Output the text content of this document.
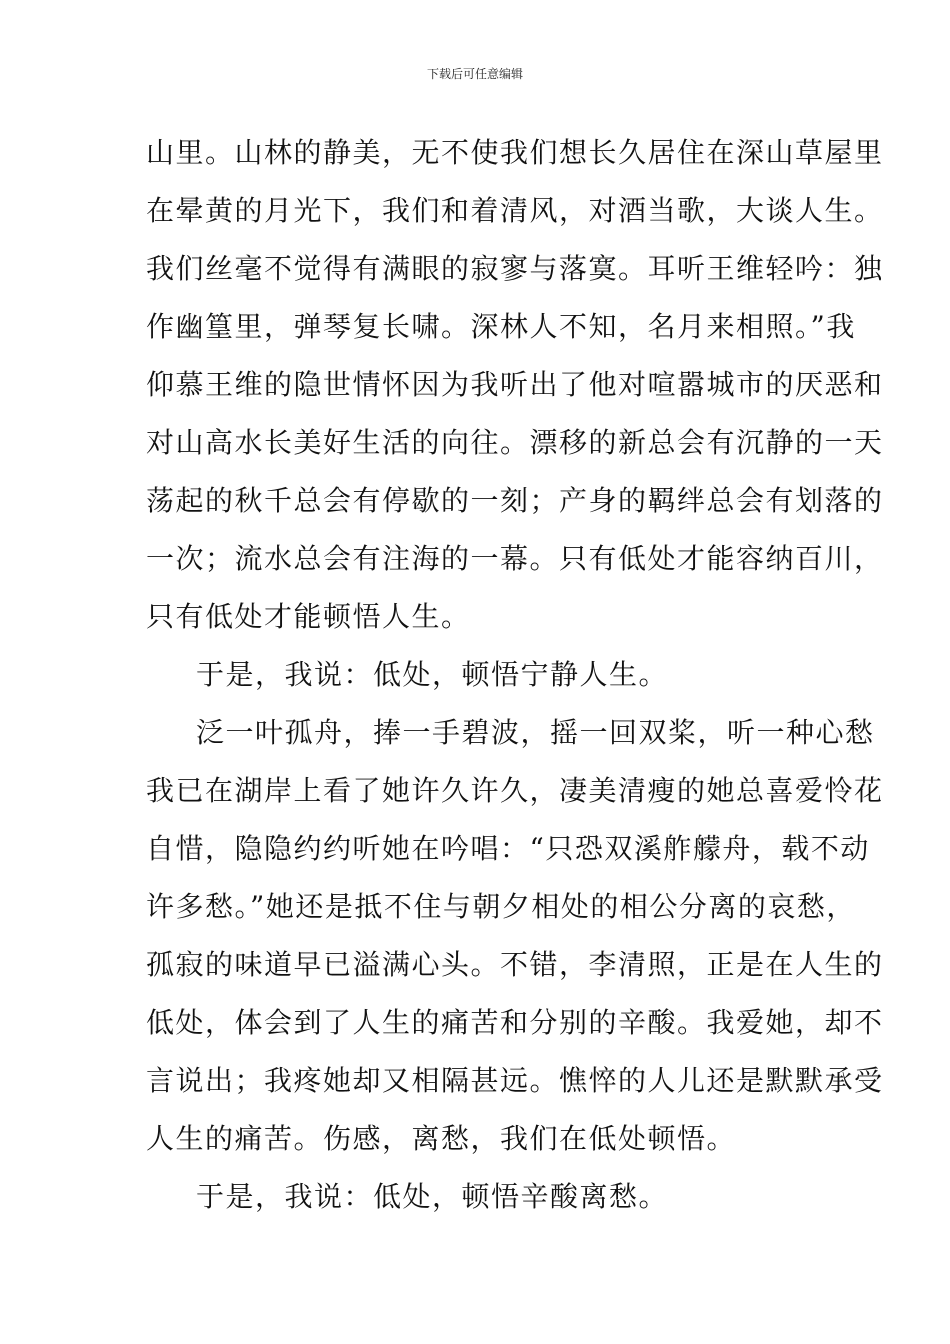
下载后可任意编辑
山里。山林的静美，无不使我们想长久居住在深山草屋里
在晕黄的月光下，我们和着清风，对酒当歌，大谈人生。
我们丝毫不觉得有满眼的寂寥与落寞。耳听王维轻吟：独
作幽篁里，弹琴复长啸。深林人不知，名月来相照。”我
仰慕王维的隐世情怀因为我听出了他对喧嚣城市的厌恶和
对山高水长美好生活的向往。漂移的新总会有沉静的一天
荡起的秋千总会有停歇的一刻；产身的羁绊总会有划落的
一次；流水总会有注海的一幕。只有低处才能容纳百川，
只有低处才能顿悟人生。
于是，我说：低处，顿悟宁静人生。
泛一叶孤舟，捧一手碧波，摇一回双桨，听一种心愁
我已在湖岸上看了她许久许久，凄美清瘦的她总喜爱怜花
自惜，隐隐约约听她在吟唱：“只恐双溪舴艨舟，载不动
许多愁。”她还是抵不住与朝夕相处的相公分离的哀愁，
孤寂的味道早已溢满心头。不错，李清照，正是在人生的
低处，体会到了人生的痛苦和分别的辛酸。我爱她，却不
言说出；我疼她却又相隔甚远。憔悴的人儿还是默默承受
人生的痛苦。伤感，离愁，我们在低处顿悟。
于是，我说：低处，顿悟辛酸离愁。
